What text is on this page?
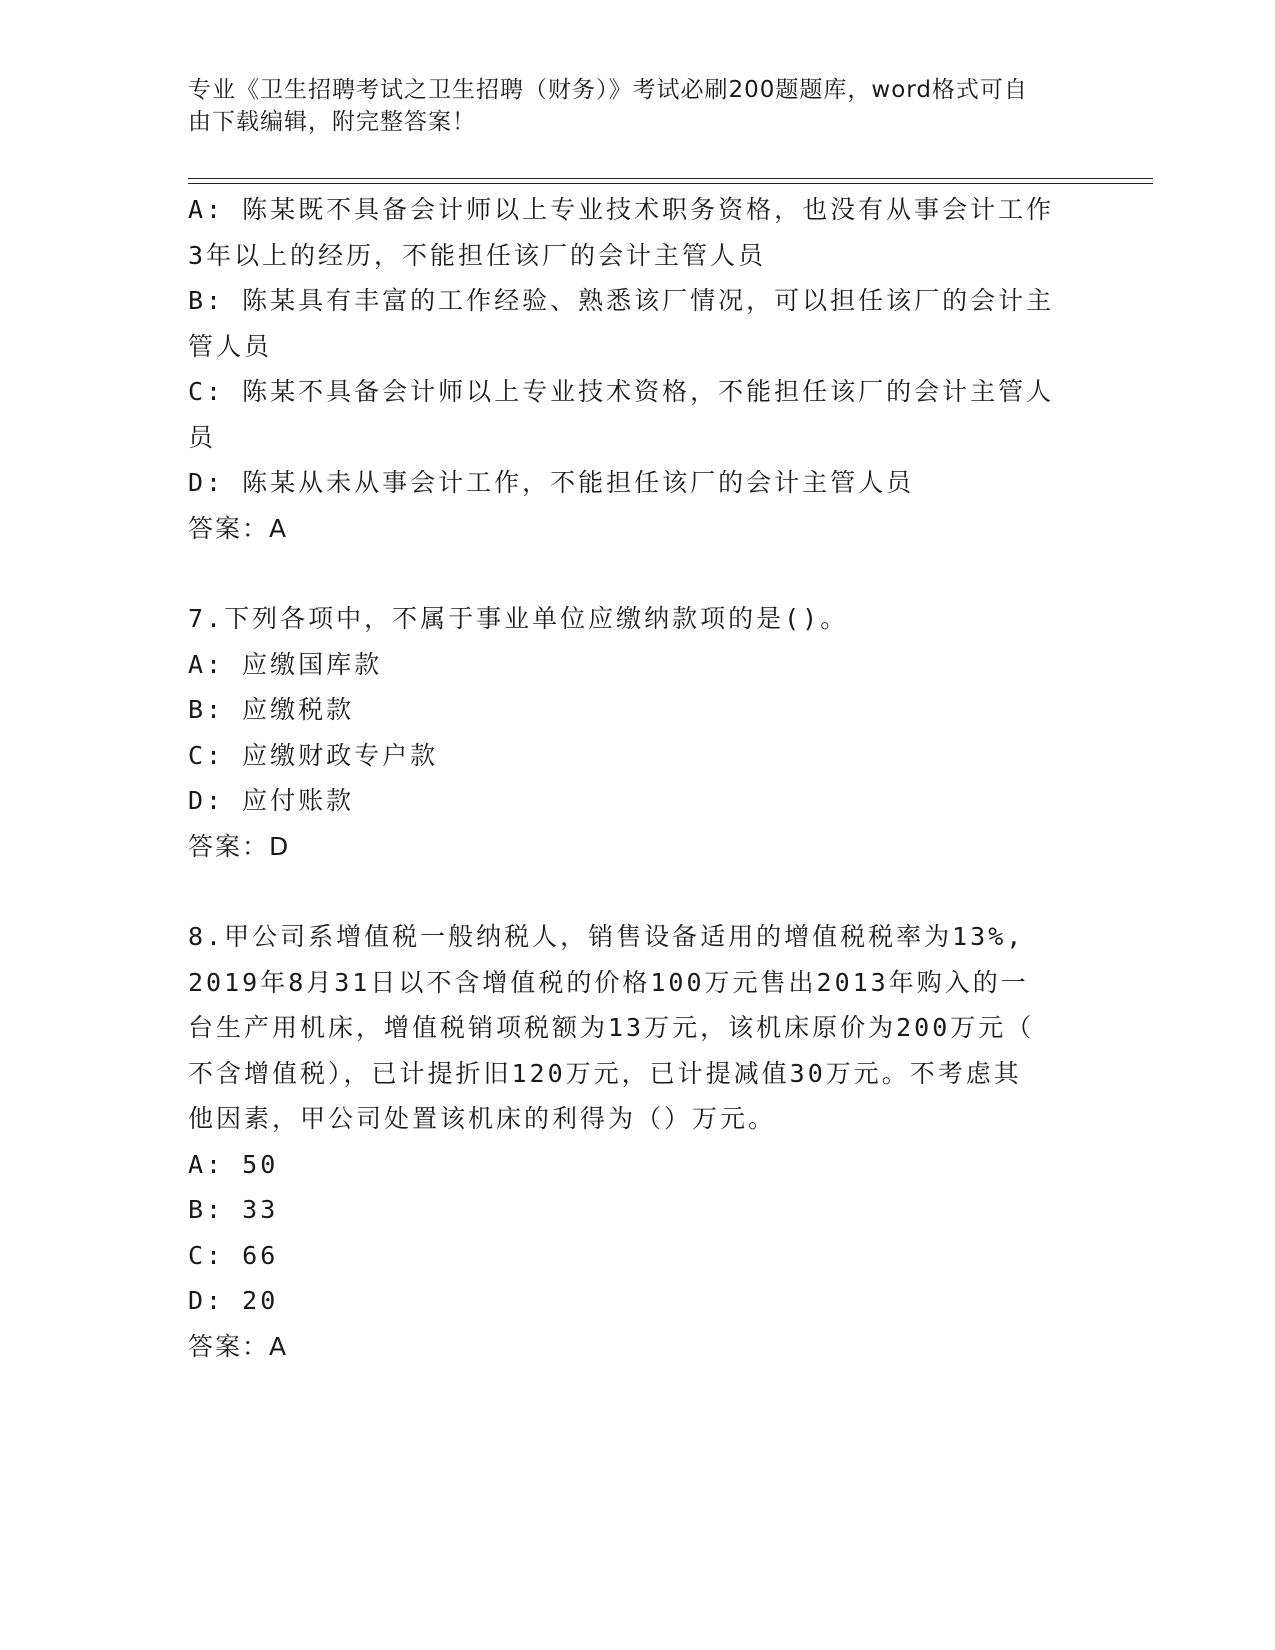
专业《卫生招聘考试之卫生招聘（财务）》考试必刷200题题库，word格式可自
由下载编辑，附完整答案！
A: 陈某既不具备会计师以上专业技术职务资格，也没有从事会计工作
3年以上的经历，不能担任该厂的会计主管人员
B: 陈某具有丰富的工作经验、熟悉该厂情况，可以担任该厂的会计主
管人员
C: 陈某不具备会计师以上专业技术资格，不能担任该厂的会计主管人
员
D: 陈某从未从事会计工作，不能担任该厂的会计主管人员
答案：A
7.下列各项中，不属于事业单位应缴纳款项的是()。
A: 应缴国库款
B: 应缴税款
C: 应缴财政专户款
D: 应付账款
答案：D
8.甲公司系增值税一般纳税人，销售设备适用的增值税税率为13%,
2019年8月31日以不含增值税的价格100万元售出2013年购入的一
台生产用机床，增值税销项税额为13万元，该机床原价为200万元（
不含增值税），已计提折旧120万元，已计提减值30万元。不考虑其
他因素，甲公司处置该机床的利得为（）万元。
A: 50
B: 33
C: 66
D: 20
答案：A
